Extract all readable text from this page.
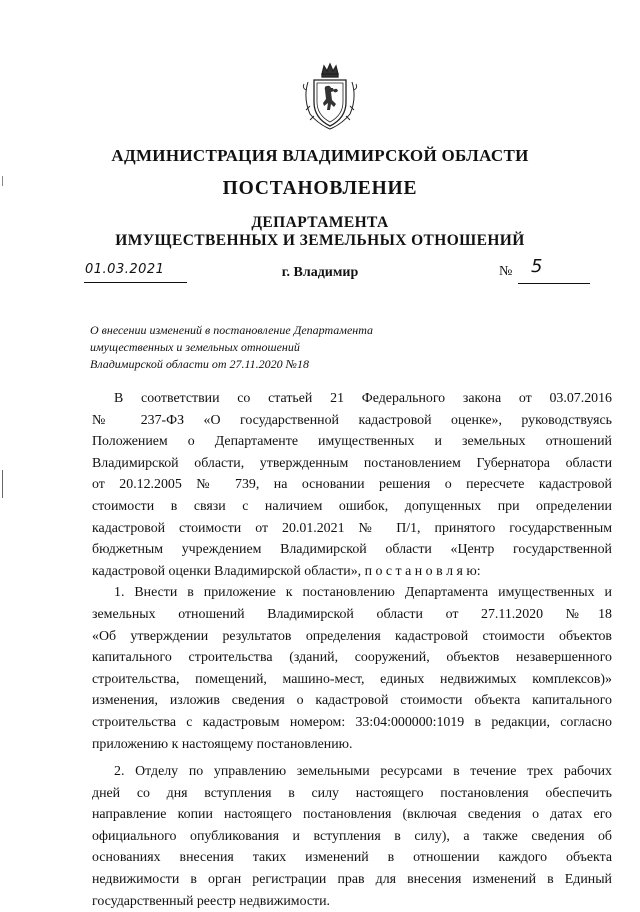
АДМИНИСТРАЦИЯ ВЛАДИМИРСКОЙ ОБЛАСТИ
ПОСТАНОВЛЕНИЕ
ДЕПАРТАМЕНТА
ИМУЩЕСТВЕННЫХ И ЗЕМЕЛЬНЫХ ОТНОШЕНИЙ
01.03.2021	г. Владимир	№ 5
О внесении изменений в постановление Департамента
имущественных и земельных отношений
Владимирской области от 27.11.2020 №18
В соответствии со статьей 21 Федерального закона от 03.07.2016
№ 237-ФЗ «О государственной кадастровой оценке», руководствуясь
Положением о Департаменте имущественных и земельных отношений
Владимирской области, утвержденным постановлением Губернатора области
от 20.12.2005 № 739, на основании решения о пересчете кадастровой
стоимости в связи с наличием ошибок, допущенных при определении
кадастровой стоимости от 20.01.2021 № П/1, принятого государственным
бюджетным учреждением Владимирской области «Центр государственной
кадастровой оценки Владимирской области», п о с т а н о в л я ю:
1. Внести в приложение к постановлению Департамента имущественных и
земельных отношений Владимирской области от 27.11.2020 №18
«Об утверждении результатов определения кадастровой стоимости объектов
капитального строительства (зданий, сооружений, объектов незавершенного
строительства, помещений, машино-мест, единых недвижимых комплексов)»
изменения, изложив сведения о кадастровой стоимости объекта капитального
строительства с кадастровым номером: 33:04:000000:1019 в редакции, согласно
приложению к настоящему постановлению.
2. Отделу по управлению земельными ресурсами в течение трех рабочих
дней со дня вступления в силу настоящего постановления обеспечить
направление копии настоящего постановления (включая сведения о датах его
официального опубликования и вступления в силу), а также сведения об
основаниях внесения таких изменений в отношении каждого объекта
недвижимости в орган регистрации прав для внесения изменений в Единый
государственный реестр недвижимости.
